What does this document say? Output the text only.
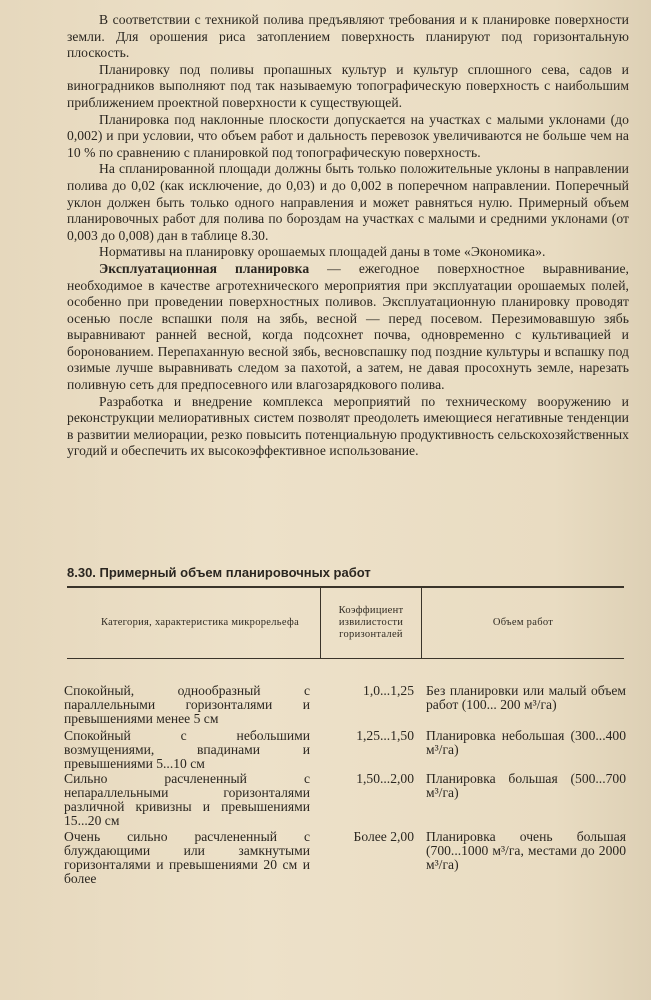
В соответствии с техникой полива предъявляют требования и к планировке поверхности земли. Для орошения риса затоплением поверхность планируют под горизонтальную плоскость.

Планировку под поливы пропашных культур и культур сплошного сева, садов и виноградников выполняют под так называемую топографическую поверхность с наибольшим приближением проектной поверхности к существующей.

Планировка под наклонные плоскости допускается на участках с малыми уклонами (до 0,002) и при условии, что объем работ и дальность перевозок увеличиваются не больше чем на 10 % по сравнению с планировкой под топографическую поверхность.

На спланированной площади должны быть только положительные уклоны в направлении полива до 0,02 (как исключение, до 0,03) и до 0,002 в поперечном направлении. Поперечный уклон должен быть только одного направления и может равняться нулю. Примерный объем планировочных работ для полива по бороздам на участках с малыми и средними уклонами (от 0,003 до 0,008) дан в таблице 8.30.

Нормативы на планировку орошаемых площадей даны в томе «Экономика».

Эксплуатационная планировка — ежегодное поверхностное выравнивание, необходимое в качестве агротехнического мероприятия при эксплуатации орошаемых полей, особенно при проведении поверхностных поливов. Эксплуатационную планировку проводят осенью после вспашки поля на зябь, весной — перед посевом. Перезимовавшую зябь выравнивают ранней весной, когда подсохнет почва, одновременно с культивацией и боронованием. Перепаханную весной зябь, весновспашку под поздние культуры и вспашку под озимые лучше выравнивать следом за пахотой, а затем, не давая просохнуть земле, нарезать поливную сеть для предпосевного или влагозарядкового полива.

Разработка и внедрение комплекса мероприятий по техническому вооружению и реконструкции мелиоративных систем позволят преодолеть имеющиеся негативные тенденции в развитии мелиорации, резко повысить потенциальную продуктивность сельскохозяйственных угодий и обеспечить их высокоэффективное использование.

8.30. Примерный объем планировочных работ
Категория, характеристика микрорельефа
Коэффициент извилистости горизонталей
Объем работ
Спокойный, однообразный с параллельными горизонталями и превышениями менее 5 см
1,0...1,25 Без планировки или малый объем работ (100... 200 м³/га)
Спокойный с небольшими возмущениями, впадинами и превышениями 5...10 см
1,25...1,50 Планировка небольшая (300...400 м³/га)
Сильно расчлененный с непараллельными горизонталями различной кривизны и превышениями 15...20 см
1,50...2,00 Планировка большая (500...700 м³/га)
Очень сильно расчлененный с блуждающими или замкнутыми горизонталями и превышениями 20 см и более
Более 2,00 Планировка очень большая (700...1000 м³/га, местами до 2000 м³/га)
